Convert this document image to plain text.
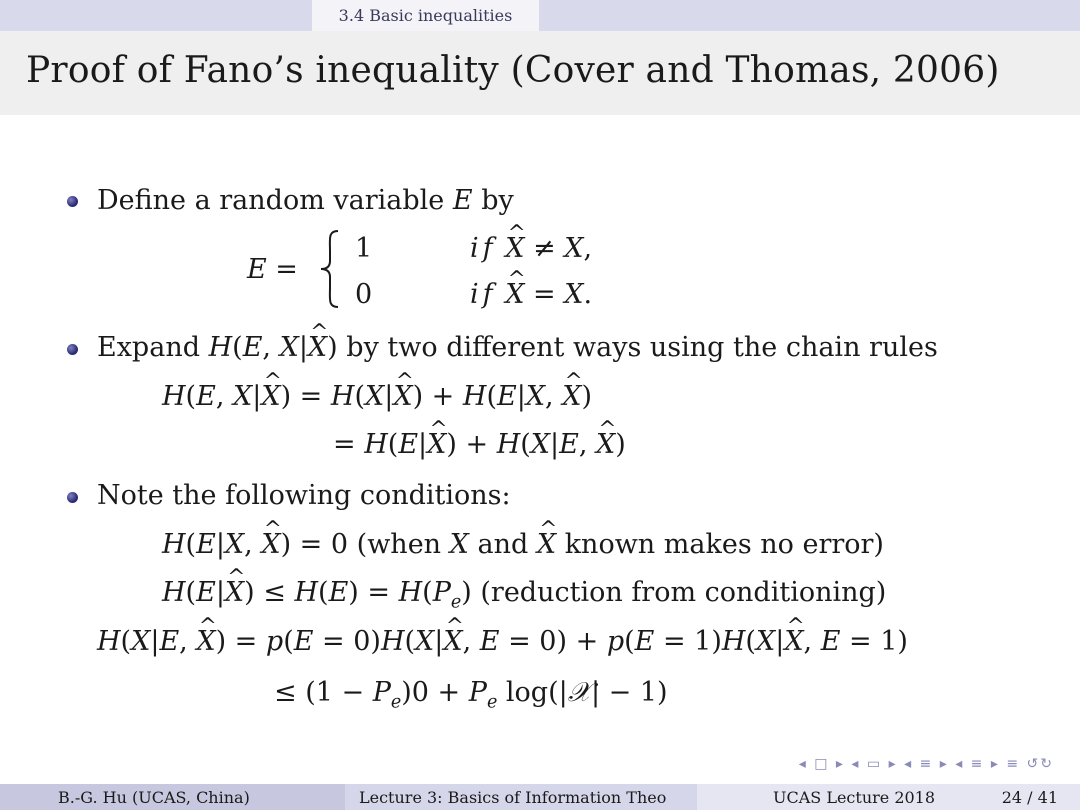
3.4 Basic inequalities
Proof of Fano’s inequality (Cover and Thomas, 2006)
Define a random variable E by
E =
1	if ^ X ≠ X,
0	if ^ X = X.
Expand H(E, X|^ X) by two different ways using the chain rules
H(E, X|^ X) = H(X|^ X) + H(E|X, ^ X)
= H(E|^ X) + H(X|E, ^ X)
Note the following conditions:
H(E|X, ^ X) = 0 (when X and ^ X known makes no error)
H(E|^ $X) \le H(E) = H(P_e)$ (reduction from conditioning)
H(X|E, ^ X) = p(E = 0)H(X|^ X, E = 0) + p(E = 1)H(X|^ X, E = 1)
≤ $(1 - P_e)0 + P_e$ log(|𝒳| − 1)
◂ □ ▸ ◂ ▭ ▸ ◂ ≡ ▸ ◂ ≡ ▸ ≡ ↺↻
B.-G. Hu (UCAS, China)	Lecture 3: Basics of Information Theo	UCAS Lecture 2018	24 / 41
